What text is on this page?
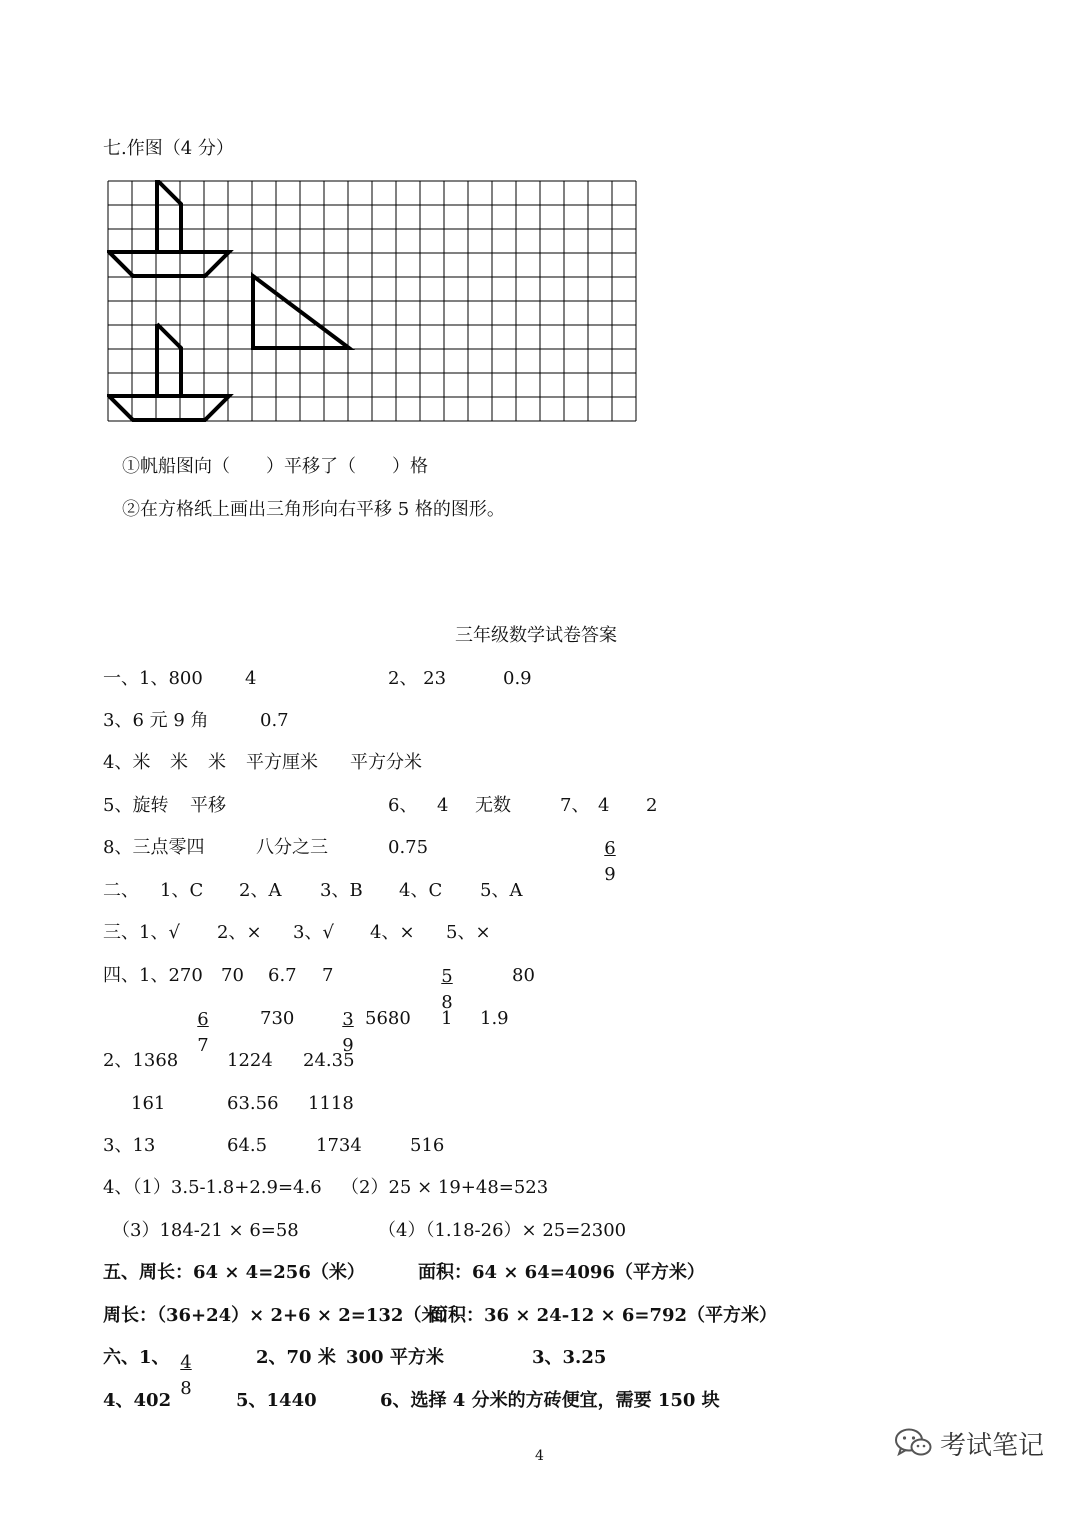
七.作图（4 分）
①帆船图向（　　）平移了（　　）格
②在方格纸上画出三角形向右平移 5 格的图形。
三年级数学试卷答案
一、1、800 4	2、 23	0.9
3、6 元 9 角	0.7
4、米 米 米 平方厘米 平方分米
5、旋转 平移	6、 4 无数	7、 4 2
8、三点零四	八分之三	0.75	$\frac{6}{9}$
二、 1、C 2、A 3、B 4、C 5、A
三、1、√ 2、× 3、√ 4、× 5、×
四、1、270 70 6.7 7	$\frac{5}{8}$	80
$\frac{6}{7}$	730	$\frac{3}{9} 5680$ 1 1.9
2、1368	1224 24.35
161	63.56 1118
3、13	64.5	1734	516
4、（1）3.5-1.8+2.9=4.6 （2）25 × 19+48=523
（3）184-21 × 6=58	（4）（1.18-26）× 25=2300
五、周长：64 × 4=256（米）	面积：64 × 64=4096（平方米）
周长：（36+24）× 2+6 × 2=132（米）
面积：36 × 24-12 × 6=792（平方米）
六、1、 $\frac{4}{8}$	2、70 米 300 平方米	3、3.25
4、402	5、1440	6、选择 4 分米的方砖便宜，需要 150 块
4	考试笔记
